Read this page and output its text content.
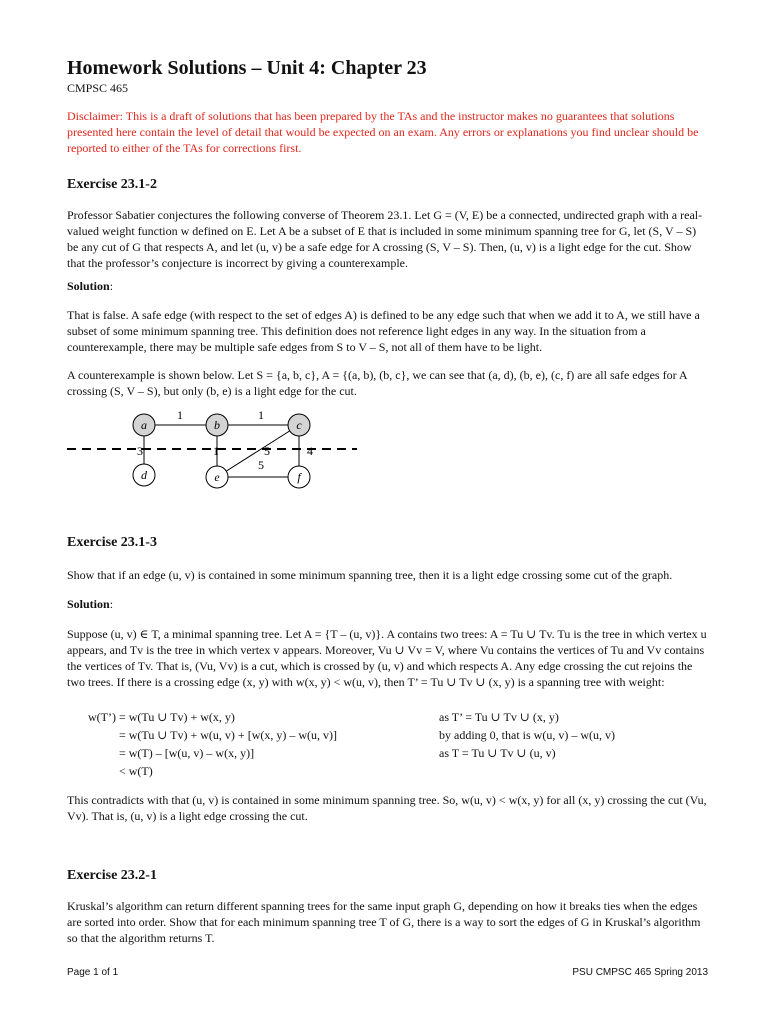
Homework Solutions – Unit 4: Chapter 23
CMPSC 465
Disclaimer: This is a draft of solutions that has been prepared by the TAs and the instructor makes no guarantees that solutions presented here contain the level of detail that would be expected on an exam. Any errors or explanations you find unclear should be reported to either of the TAs for corrections first.
Exercise 23.1-2
Professor Sabatier conjectures the following converse of Theorem 23.1. Let G = (V, E) be a connected, undirected graph with a real-valued weight function w defined on E. Let A be a subset of E that is included in some minimum spanning tree for G, let (S, V – S) be any cut of G that respects A, and let (u, v) be a safe edge for A crossing (S, V – S). Then, (u, v) is a light edge for the cut. Show that the professor’s conjecture is incorrect by giving a counterexample.
Solution:
That is false. A safe edge (with respect to the set of edges A) is defined to be any edge such that when we add it to A, we still have a subset of some minimum spanning tree. This definition does not reference light edges in any way. In the situation from a counterexample, there may be multiple safe edges from S to V – S, not all of them have to be light.
A counterexample is shown below. Let S = {a, b, c}, A = {(a, b), (b, c}, we can see that (a, d), (b, e), (c, f) are all safe edges for A crossing (S, V – S), but only (b, e) is a light edge for the cut.
1	1
3	1	5	4
5
a	b	c
d	e	f
Exercise 23.1-3
Show that if an edge (u, v) is contained in some minimum spanning tree, then it is a light edge crossing some cut of the graph.
Solution:
Suppose (u, v) ∈ T, a minimal spanning tree. Let A = {T – (u, v)}. A contains two trees: A = Tu ∪ Tv. Tu is the tree in which vertex u appears, and Tv is the tree in which vertex v appears. Moreover, Vu ∪ Vv = V, where Vu contains the vertices of Tu and Vv contains the vertices of Tv. That is, (Vu, Vv) is a cut, which is crossed by (u, v) and which respects A. Any edge crossing the cut rejoins the two trees. If there is a crossing edge (x, y) with w(x, y) < w(u, v), then T’ = Tu ∪ Tv ∪ (x, y) is a spanning tree with weight:
w(T’) = w(Tu ∪ Tv) + w(x, y)	as T’ = Tu ∪ Tv ∪ (x, y)
= w(Tu ∪ Tv) + w(u, v) + [w(x, y) – w(u, v)]	by adding 0, that is w(u, v) – w(u, v)
= w(T) – [w(u, v) – w(x, y)]	as T = Tu ∪ Tv ∪ (u, v)
< w(T)
This contradicts with that (u, v) is contained in some minimum spanning tree. So, w(u, v) < w(x, y) for all (x, y) crossing the cut (Vu, Vv). That is, (u, v) is a light edge crossing the cut.
Exercise 23.2-1
Kruskal’s algorithm can return different spanning trees for the same input graph G, depending on how it breaks ties when the edges are sorted into order. Show that for each minimum spanning tree T of G, there is a way to sort the edges of G in Kruskal’s algorithm so that the algorithm returns T.
Page 1 of 1	PSU CMPSC 465 Spring 2013
